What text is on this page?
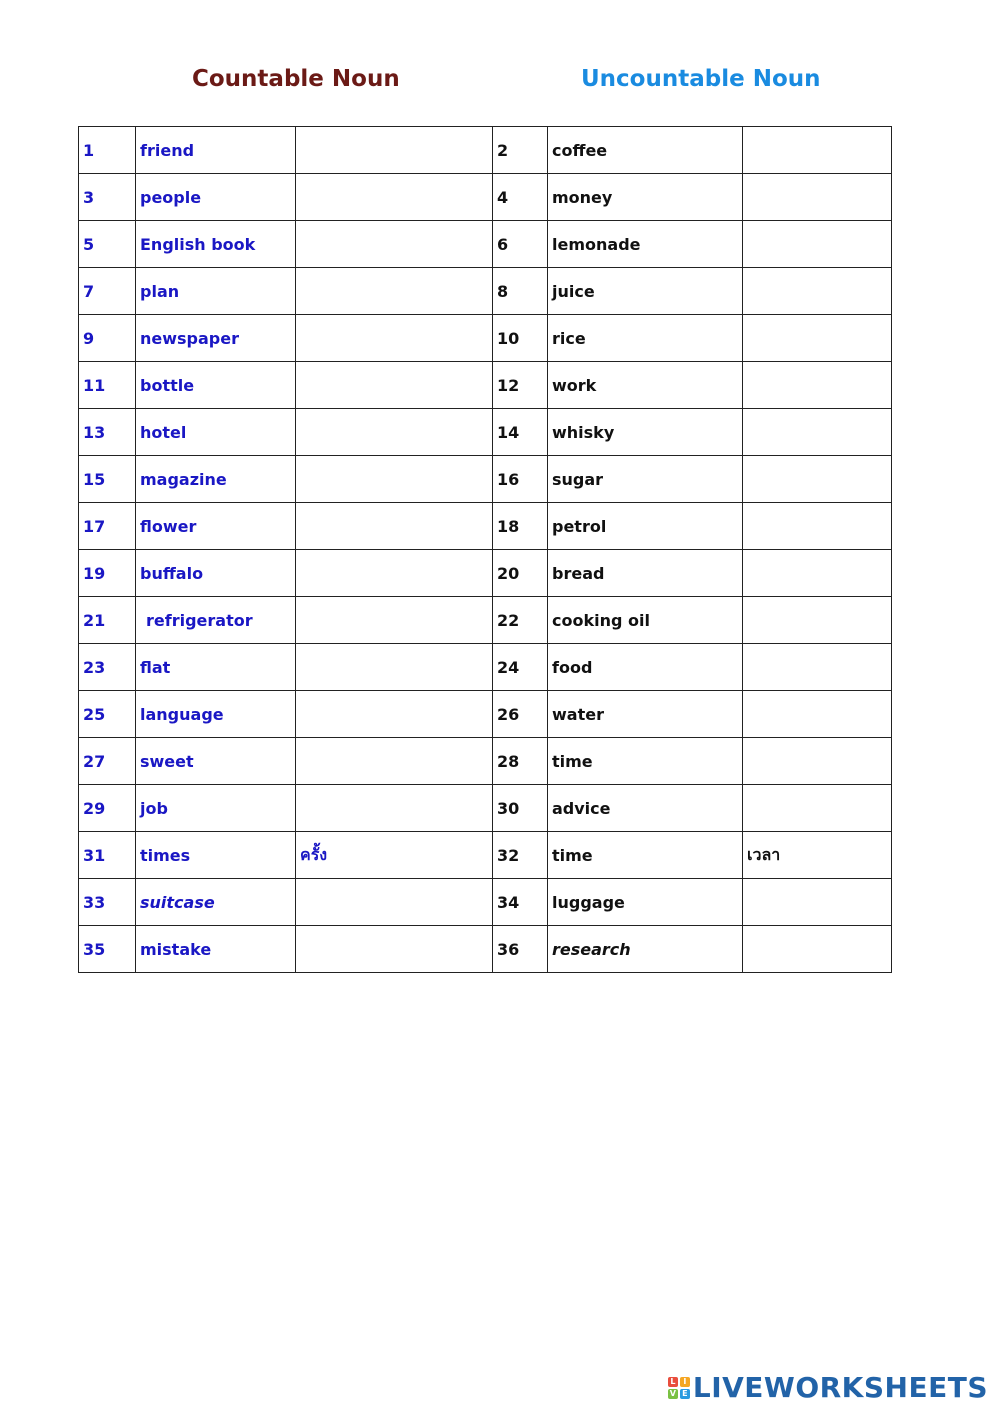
Countable Noun	Uncountable Noun
1	friend		2	coffee	
3	people		4	money	
5	English book		6	lemonade	
7	plan		8	juice	
9	newspaper		10	rice	
11	bottle		12	work	
13	hotel		14	whisky	
15	magazine		16	sugar	
17	flower		18	petrol	
19	buffalo		20	bread	
21	refrigerator		22	cooking oil	
23	flat		24	food	
25	language		26	water	
27	sweet		28	time	
29	job		30	advice	
31	times	ครั้ง	32	time	เวลา
33	suitcase		34	luggage	
35	mistake		36	research	
L I
V E LIVEWORKSHEETS
